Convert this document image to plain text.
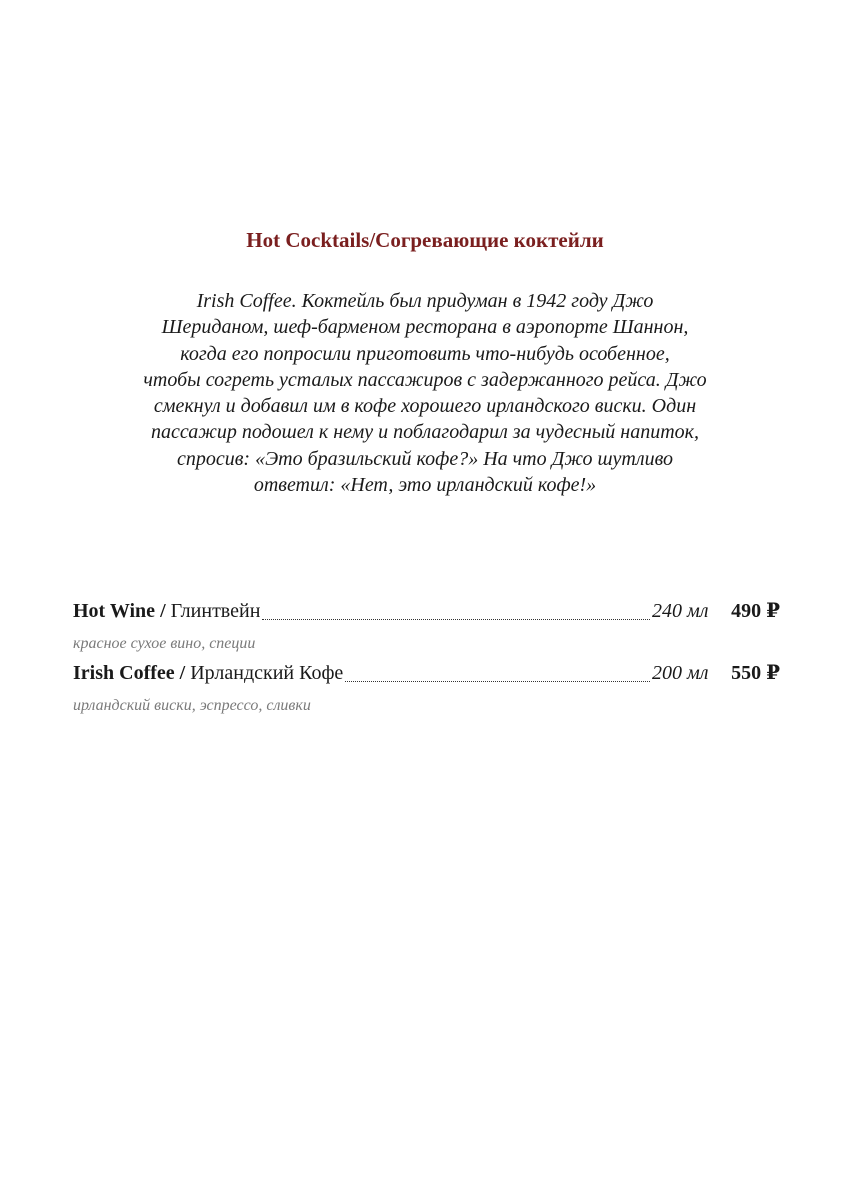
Hot Cocktails/Согревающие коктейли
Irish Coffee. Коктейль был придуман в 1942 году Джо
Шериданом, шеф-барменом ресторана в аэропорте Шаннон,
когда его попросили приготовить что-нибудь особенное,
чтобы согреть усталых пассажиров с задержанного рейса. Джо
смекнул и добавил им в кофе хорошего ирландского виски. Один
пассажир подошел к нему и поблагодарил за чудесный напиток,
спросив: «Это бразильский кофе?» На что Джо шутливо
ответил: «Нет, это ирландский кофе!»
Hot Wine / Глинтвейн	240 мл	490 ₽
красное сухое вино, специи
Irish Coffee / Ирландский Кофе	200 мл	550 ₽
ирландский виски, эспрессо, сливки
